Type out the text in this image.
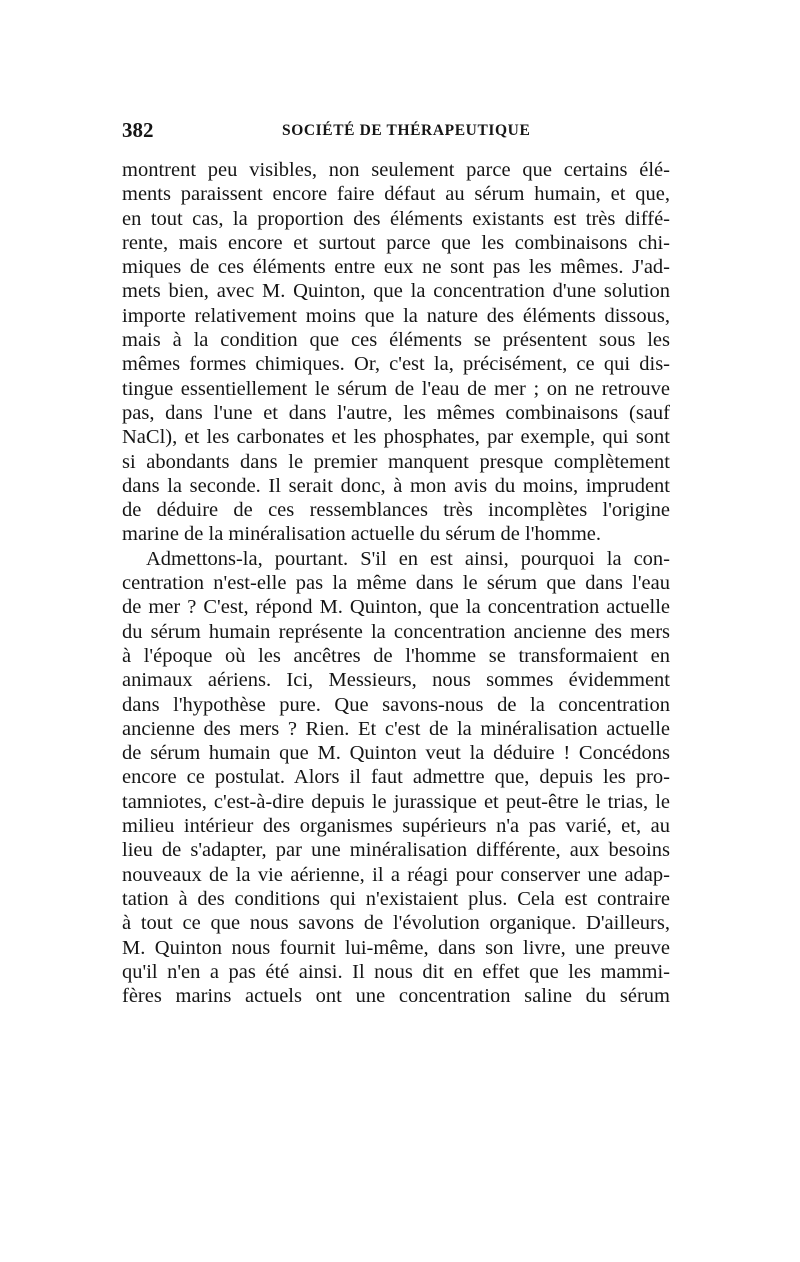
382	SOCIÉTÉ DE THÉRAPEUTIQUE
montrent peu visibles, non seulement parce que certains élé-
ments paraissent encore faire défaut au sérum humain, et que,
en tout cas, la proportion des éléments existants est très diffé-
rente, mais encore et surtout parce que les combinaisons chi-
miques de ces éléments entre eux ne sont pas les mêmes. J'ad-
mets bien, avec M. Quinton, que la concentration d'une solution
importe relativement moins que la nature des éléments dissous,
mais à la condition que ces éléments se présentent sous les
mêmes formes chimiques. Or, c'est la, précisément, ce qui dis-
tingue essentiellement le sérum de l'eau de mer ; on ne retrouve
pas, dans l'une et dans l'autre, les mêmes combinaisons (sauf
NaCl), et les carbonates et les phosphates, par exemple, qui sont
si abondants dans le premier manquent presque complètement
dans la seconde. Il serait donc, à mon avis du moins, imprudent
de déduire de ces ressemblances très incomplètes l'origine
marine de la minéralisation actuelle du sérum de l'homme.
Admettons-la, pourtant. S'il en est ainsi, pourquoi la con-
centration n'est-elle pas la même dans le sérum que dans l'eau
de mer ? C'est, répond M. Quinton, que la concentration actuelle
du sérum humain représente la concentration ancienne des mers
à l'époque où les ancêtres de l'homme se transformaient en
animaux aériens. Ici, Messieurs, nous sommes évidemment
dans l'hypothèse pure. Que savons-nous de la concentration
ancienne des mers ? Rien. Et c'est de la minéralisation actuelle
de sérum humain que M. Quinton veut la déduire ! Concédons
encore ce postulat. Alors il faut admettre que, depuis les pro-
tamniotes, c'est-à-dire depuis le jurassique et peut-être le trias, le
milieu intérieur des organismes supérieurs n'a pas varié, et, au
lieu de s'adapter, par une minéralisation différente, aux besoins
nouveaux de la vie aérienne, il a réagi pour conserver une adap-
tation à des conditions qui n'existaient plus. Cela est contraire
à tout ce que nous savons de l'évolution organique. D'ailleurs,
M. Quinton nous fournit lui-même, dans son livre, une preuve
qu'il n'en a pas été ainsi. Il nous dit en effet que les mammi-
fères marins actuels ont une concentration saline du sérum
